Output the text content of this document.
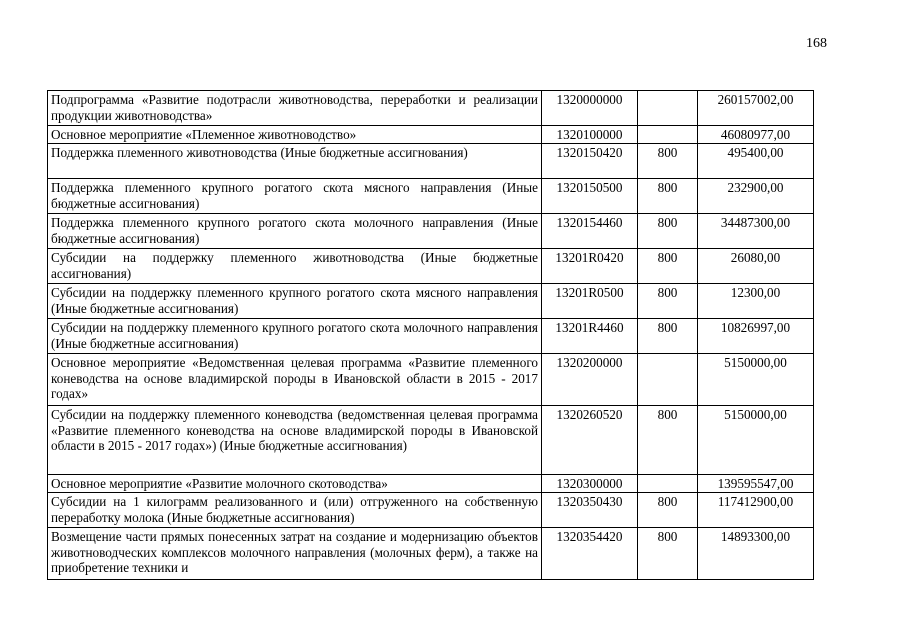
168
Подпрограмма «Развитие подотрасли животноводства, переработки и реализации продукции животноводства»	1320000000		260157002,00
Основное мероприятие «Племенное животноводство»	1320100000		46080977,00
Поддержка племенного животноводства (Иные бюджетные ассигнования)	1320150420	800	495400,00
Поддержка племенного крупного рогатого скота мясного направления (Иные бюджетные ассигнования)	1320150500	800	232900,00
Поддержка племенного крупного рогатого скота молочного направления (Иные бюджетные ассигнования)	1320154460	800	34487300,00
Субсидии на поддержку племенного животноводства (Иные бюджетные ассигнования)	13201R0420	800	26080,00
Субсидии на поддержку племенного крупного рогатого скота мясного направления (Иные бюджетные ассигнования)	13201R0500	800	12300,00
Субсидии на поддержку племенного крупного рогатого скота молочного направления (Иные бюджетные ассигнования)	13201R4460	800	10826997,00
Основное мероприятие «Ведомственная целевая программа «Развитие племенного коневодства на основе владимирской породы в Ивановской области в 2015 - 2017 годах»	1320200000		5150000,00
Субсидии на поддержку племенного коневодства (ведомственная целевая программа «Развитие племенного коневодства на основе владимирской породы в Ивановской области в 2015 - 2017 годах») (Иные бюджетные ассигнования)	1320260520	800	5150000,00
Основное мероприятие «Развитие молочного скотоводства»	1320300000		139595547,00
Субсидии на 1 килограмм реализованного и (или) отгруженного на собственную переработку молока (Иные бюджетные ассигнования)	1320350430	800	117412900,00
Возмещение части прямых понесенных затрат на создание и модернизацию объектов животноводческих комплексов молочного направления (молочных ферм), а также на приобретение техники и	1320354420	800	14893300,00
